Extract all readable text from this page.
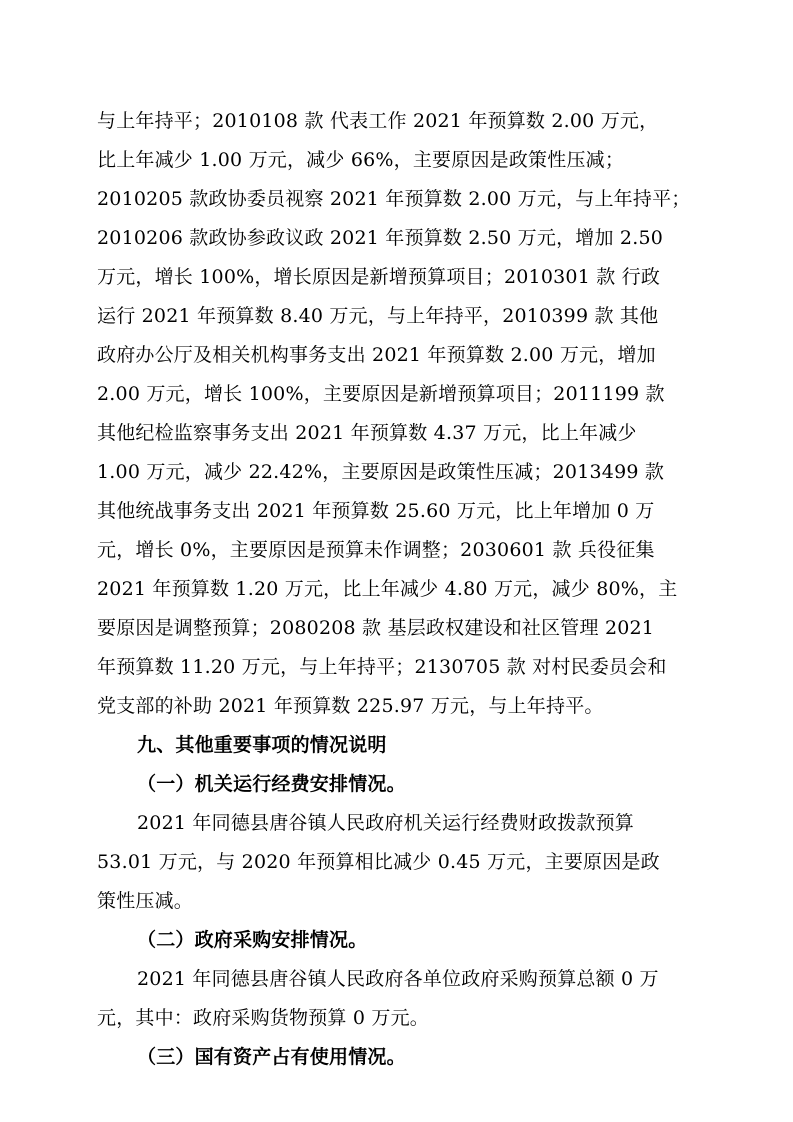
与上年持平；2010108 款 代表工作 2021 年预算数 2.00 万元，
比上年减少 1.00 万元，减少 66%，主要原因是政策性压减；
2010205 款政协委员视察 2021 年预算数 2.00 万元，与上年持平；
2010206 款政协参政议政 2021 年预算数 2.50 万元，增加 2.50
万元，增长 100%，增长原因是新增预算项目；2010301 款 行政
运行 2021 年预算数 8.40 万元，与上年持平，2010399 款 其他
政府办公厅及相关机构事务支出 2021 年预算数 2.00 万元，增加
2.00 万元，增长 100%，主要原因是新增预算项目；2011199 款
其他纪检监察事务支出 2021 年预算数 4.37 万元，比上年减少
1.00 万元，减少 22.42%，主要原因是政策性压减；2013499 款
其他统战事务支出 2021 年预算数 25.60 万元，比上年增加 0 万
元，增长 0%，主要原因是预算未作调整；2030601 款 兵役征集
2021 年预算数 1.20 万元，比上年减少 4.80 万元，减少 80%，主
要原因是调整预算；2080208 款 基层政权建设和社区管理 2021
年预算数 11.20 万元，与上年持平；2130705 款 对村民委员会和
党支部的补助 2021 年预算数 225.97 万元，与上年持平。
九、其他重要事项的情况说明
（一）机关运行经费安排情况。
2021 年同德县唐谷镇人民政府机关运行经费财政拨款预算
53.01 万元，与 2020 年预算相比减少 0.45 万元，主要原因是政
策性压减。
（二）政府采购安排情况。
2021 年同德县唐谷镇人民政府各单位政府采购预算总额 0 万
元，其中：政府采购货物预算 0 万元。
（三）国有资产占有使用情况。
